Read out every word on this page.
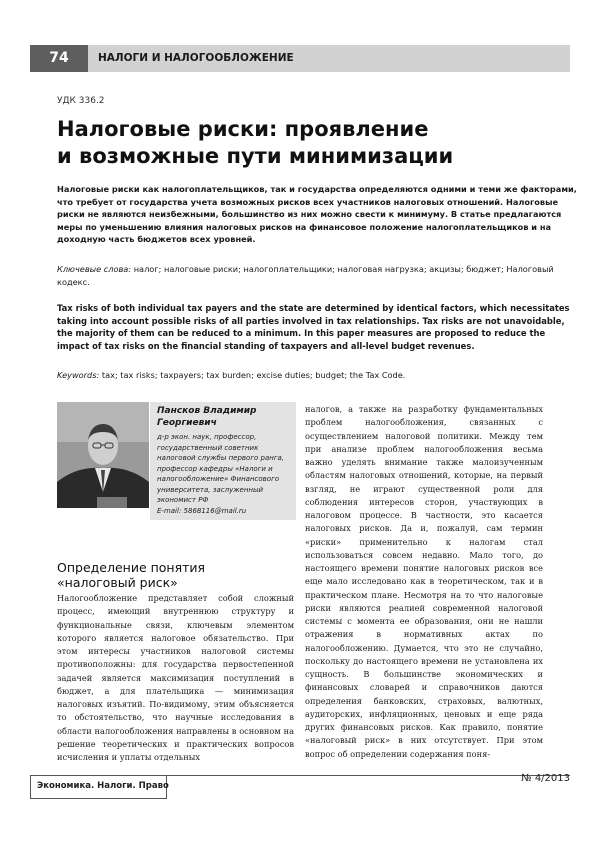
74	НАЛОГИ И НАЛОГООБЛОЖЕНИЕ
УДК 336.2
Налоговые риски: проявление
и возможные пути минимизации
Налоговые риски как налогоплательщиков, так и государства определяются одними и теми же факторами, что требует от государства учета возможных рисков всех участников налоговых отношений. Налоговые риски не являются неизбежными, большинство из них можно свести к минимуму. В статье предлагаются меры по уменьшению влияния налоговых рисков на финансовое положение налогоплательщиков и на доходную часть бюджетов всех уровней.
Ключевые слова: налог; налоговые риски; налогоплательщики; налоговая нагрузка; акцизы; бюджет; Налоговый кодекс.
Tax risks of both individual tax payers and the state are determined by identical factors, which necessitates taking into account possible risks of all parties involved in tax relationships. Tax risks are not unavoidable, the majority of them can be reduced to a minimum. In this paper measures are proposed to reduce the impact of tax risks on the financial standing of taxpayers and all-level budget revenues.
Keywords: tax; tax risks; taxpayers; tax burden; excise duties; budget; the Tax Code.
Пансков Владимир Георгиевич
д-р экон. наук, профессор, государственный советник налоговой службы первого ранга, профессор кафедры «Налоги и налогообложение» Финансового университета, заслуженный экономист РФ
E-mail: 5868116@mail.ru
Определение понятия
«налоговый риск»
Налогообложение представляет собой сложный процесс, имеющий внутреннюю структуру и функциональные связи, ключевым элементом которого является налоговое обязательство. При этом интересы участников налоговой системы противоположны: для государства первостепенной задачей является максимизация поступлений в бюджет, а для плательщика — минимизация налоговых изъятий. По-видимому, этим объясняется то обстоятельство, что научные исследования в области налогообложения направлены в основном на решение теоретических и практических вопросов исчисления и уплаты отдельных
налогов, а также на разработку фундаментальных проблем налогообложения, связанных с осуществлением налоговой политики. Между тем при анализе проблем налогообложения весьма важно уделять внимание также малоизученным областям налоговых отношений, которые, на первый взгляд, не играют существенной роли для соблюдения интересов сторон, участвующих в налоговом процессе. В частности, это касается налоговых рисков. Да и, пожалуй, сам термин «риски» применительно к налогам стал использоваться совсем недавно. Мало того, до настоящего времени понятие налоговых рисков все еще мало исследовано как в теоретическом, так и в практическом плане. Несмотря на то что налоговые риски являются реалией современной налоговой системы с момента ее образования, они не нашли отражения в нормативных актах по налогообложению. Думается, что это не случайно, поскольку до настоящего времени не установлена их сущность. В большинстве экономических и финансовых словарей и справочников даются определения банковских, страховых, валютных, аудиторских, инфляционных, ценовых и еще ряда других финансовых рисков. Как правило, понятие «налоговый риск» в них отсутствует. При этом вопрос об определении содержания поня-
Экономика. Налоги. Право
№ 4/2013
